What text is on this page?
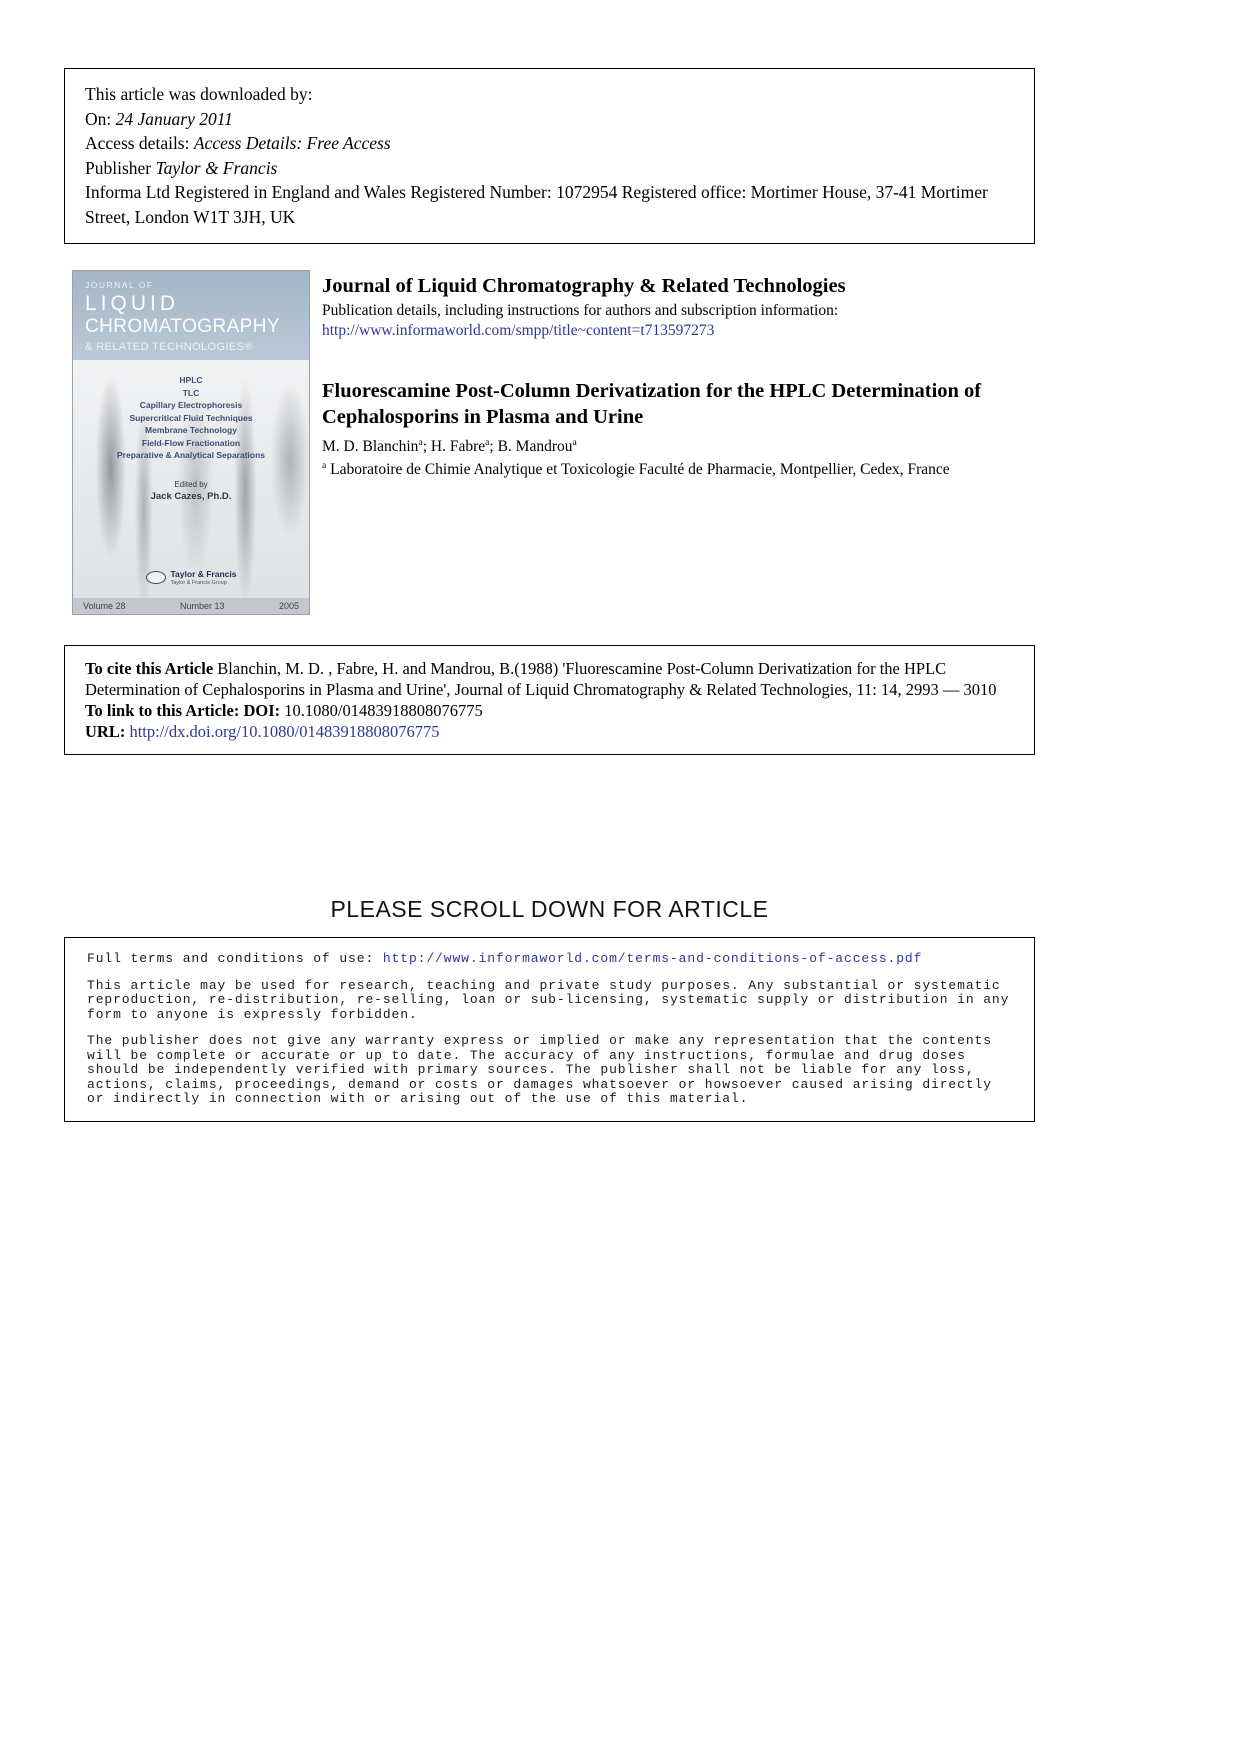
This article was downloaded by:
On: 24 January 2011
Access details: Access Details: Free Access
Publisher Taylor & Francis
Informa Ltd Registered in England and Wales Registered Number: 1072954 Registered office: Mortimer House, 37-41 Mortimer Street, London W1T 3JH, UK
JOURNAL OF
LIQUID
CHROMATOGRAPHY
& RELATED TECHNOLOGIES®
HPLC
TLC
Capillary Electrophoresis
Supercritical Fluid Techniques
Membrane Technology
Field-Flow Fractionation
Preparative & Analytical Separations
Edited by
Jack Cazes, Ph.D.
Taylor & Francis
Taylor & Francis Group
Volume 28	Number 13	2005
Journal of Liquid Chromatography & Related Technologies
Publication details, including instructions for authors and subscription information:
http://www.informaworld.com/smpp/title~content=t713597273
Fluorescamine Post-Column Derivatization for the HPLC Determination of Cephalosporins in Plasma and Urine
M. D. Blanchin$^a$; H. Fabre$^a$; B. Mandrou$^a$
$^a$ Laboratoire de Chimie Analytique et Toxicologie Faculté de Pharmacie, Montpellier, Cedex, France

To cite this Article Blanchin, M. D. , Fabre, H. and Mandrou, B.(1988) 'Fluorescamine Post-Column Derivatization for the HPLC Determination of Cephalosporins in Plasma and Urine', Journal of Liquid Chromatography & Related Technologies, 11: 14, 2993 — 3010

To link to this Article: DOI: 10.1080/01483918808076775

URL: http://dx.doi.org/10.1080/01483918808076775

PLEASE SCROLL DOWN FOR ARTICLE

Full terms and conditions of use: http://www.informaworld.com/terms-and-conditions-of-access.pdf

This article may be used for research, teaching and private study purposes. Any substantial or systematic reproduction, re-distribution, re-selling, loan or sub-licensing, systematic supply or distribution in any form to anyone is expressly forbidden.

The publisher does not give any warranty express or implied or make any representation that the contents will be complete or accurate or up to date. The accuracy of any instructions, formulae and drug doses should be independently verified with primary sources. The publisher shall not be liable for any loss, actions, claims, proceedings, demand or costs or damages whatsoever or howsoever caused arising directly or indirectly in connection with or arising out of the use of this material.
